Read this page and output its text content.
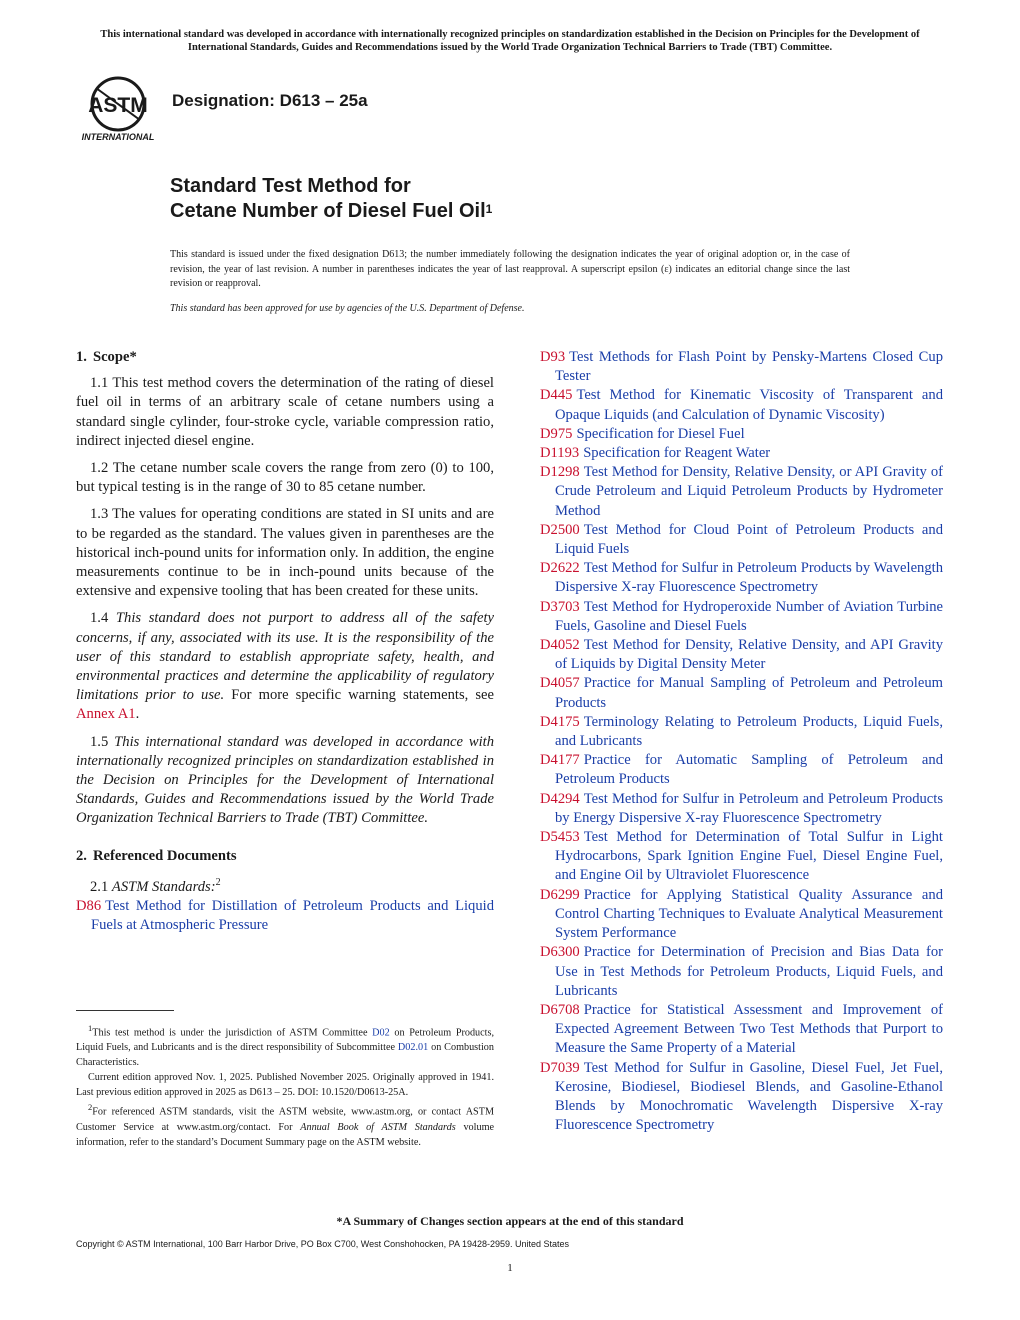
This international standard was developed in accordance with internationally recognized principles on standardization established in the Decision on Principles for the Development of International Standards, Guides and Recommendations issued by the World Trade Organization Technical Barriers to Trade (TBT) Committee.
ASTM
INTERNATIONAL
Designation: D613 – 25a
Standard Test Method for
Cetane Number of Diesel Fuel Oil$^1$
This standard is issued under the fixed designation D613; the number immediately following the designation indicates the year of original adoption or, in the case of revision, the year of last revision. A number in parentheses indicates the year of last reapproval. A superscript epsilon (ε) indicates an editorial change since the last revision or reapproval.
This standard has been approved for use by agencies of the U.S. Department of Defense.
1. Scope*

1.1 This test method covers the determination of the rating of diesel fuel oil in terms of an arbitrary scale of cetane numbers using a standard single cylinder, four-stroke cycle, variable compression ratio, indirect injected diesel engine.

1.2 The cetane number scale covers the range from zero (0) to 100, but typical testing is in the range of 30 to 85 cetane number.

1.3 The values for operating conditions are stated in SI units and are to be regarded as the standard. The values given in parentheses are the historical inch-pound units for information only. In addition, the engine measurements continue to be in inch-pound units because of the extensive and expensive tooling that has been created for these units.

1.4 This standard does not purport to address all of the safety concerns, if any, associated with its use. It is the responsibility of the user of this standard to establish appropriate safety, health, and environmental practices and determine the applicability of regulatory limitations prior to use. For more specific warning statements, see Annex A1.

1.5 This international standard was developed in accordance with internationally recognized principles on standardization established in the Decision on Principles for the Development of International Standards, Guides and Recommendations issued by the World Trade Organization Technical Barriers to Trade (TBT) Committee.

2. Referenced Documents

2.1 ASTM Standards:$^2$

D86 Test Method for Distillation of Petroleum Products and Liquid Fuels at Atmospheric Pressure

D93 Test Methods for Flash Point by Pensky-Martens Closed Cup Tester

D445 Test Method for Kinematic Viscosity of Transparent and Opaque Liquids (and Calculation of Dynamic Viscosity)

D975 Specification for Diesel Fuel

D1193 Specification for Reagent Water

D1298 Test Method for Density, Relative Density, or API Gravity of Crude Petroleum and Liquid Petroleum Products by Hydrometer Method

D2500 Test Method for Cloud Point of Petroleum Products and Liquid Fuels

D2622 Test Method for Sulfur in Petroleum Products by Wavelength Dispersive X-ray Fluorescence Spectrometry

D3703 Test Method for Hydroperoxide Number of Aviation Turbine Fuels, Gasoline and Diesel Fuels

D4052 Test Method for Density, Relative Density, and API Gravity of Liquids by Digital Density Meter

D4057 Practice for Manual Sampling of Petroleum and Petroleum Products

D4175 Terminology Relating to Petroleum Products, Liquid Fuels, and Lubricants

D4177 Practice for Automatic Sampling of Petroleum and Petroleum Products

D4294 Test Method for Sulfur in Petroleum and Petroleum Products by Energy Dispersive X-ray Fluorescence Spectrometry

D5453 Test Method for Determination of Total Sulfur in Light Hydrocarbons, Spark Ignition Engine Fuel, Diesel Engine Fuel, and Engine Oil by Ultraviolet Fluorescence

D6299 Practice for Applying Statistical Quality Assurance and Control Charting Techniques to Evaluate Analytical Measurement System Performance

D6300 Practice for Determination of Precision and Bias Data for Use in Test Methods for Petroleum Products, Liquid Fuels, and Lubricants

D6708 Practice for Statistical Assessment and Improvement of Expected Agreement Between Two Test Methods that Purport to Measure the Same Property of a Material

D7039 Test Method for Sulfur in Gasoline, Diesel Fuel, Jet Fuel, Kerosine, Biodiesel, Biodiesel Blends, and Gasoline-Ethanol Blends by Monochromatic Wavelength Dispersive X-ray Fluorescence Spectrometry

$^1$This test method is under the jurisdiction of ASTM Committee D02 on Petroleum Products, Liquid Fuels, and Lubricants and is the direct responsibility of Subcommittee D02.01 on Combustion Characteristics.

Current edition approved Nov. 1, 2025. Published November 2025. Originally approved in 1941. Last previous edition approved in 2025 as D613 – 25. DOI: 10.1520/D0613-25A.

$^2$For referenced ASTM standards, visit the ASTM website, www.astm.org, or contact ASTM Customer Service at www.astm.org/contact. For Annual Book of ASTM Standards volume information, refer to the standard’s Document Summary page on the ASTM website.

*A Summary of Changes section appears at the end of this standard
Copyright © ASTM International, 100 Barr Harbor Drive, PO Box C700, West Conshohocken, PA 19428-2959. United States
1
